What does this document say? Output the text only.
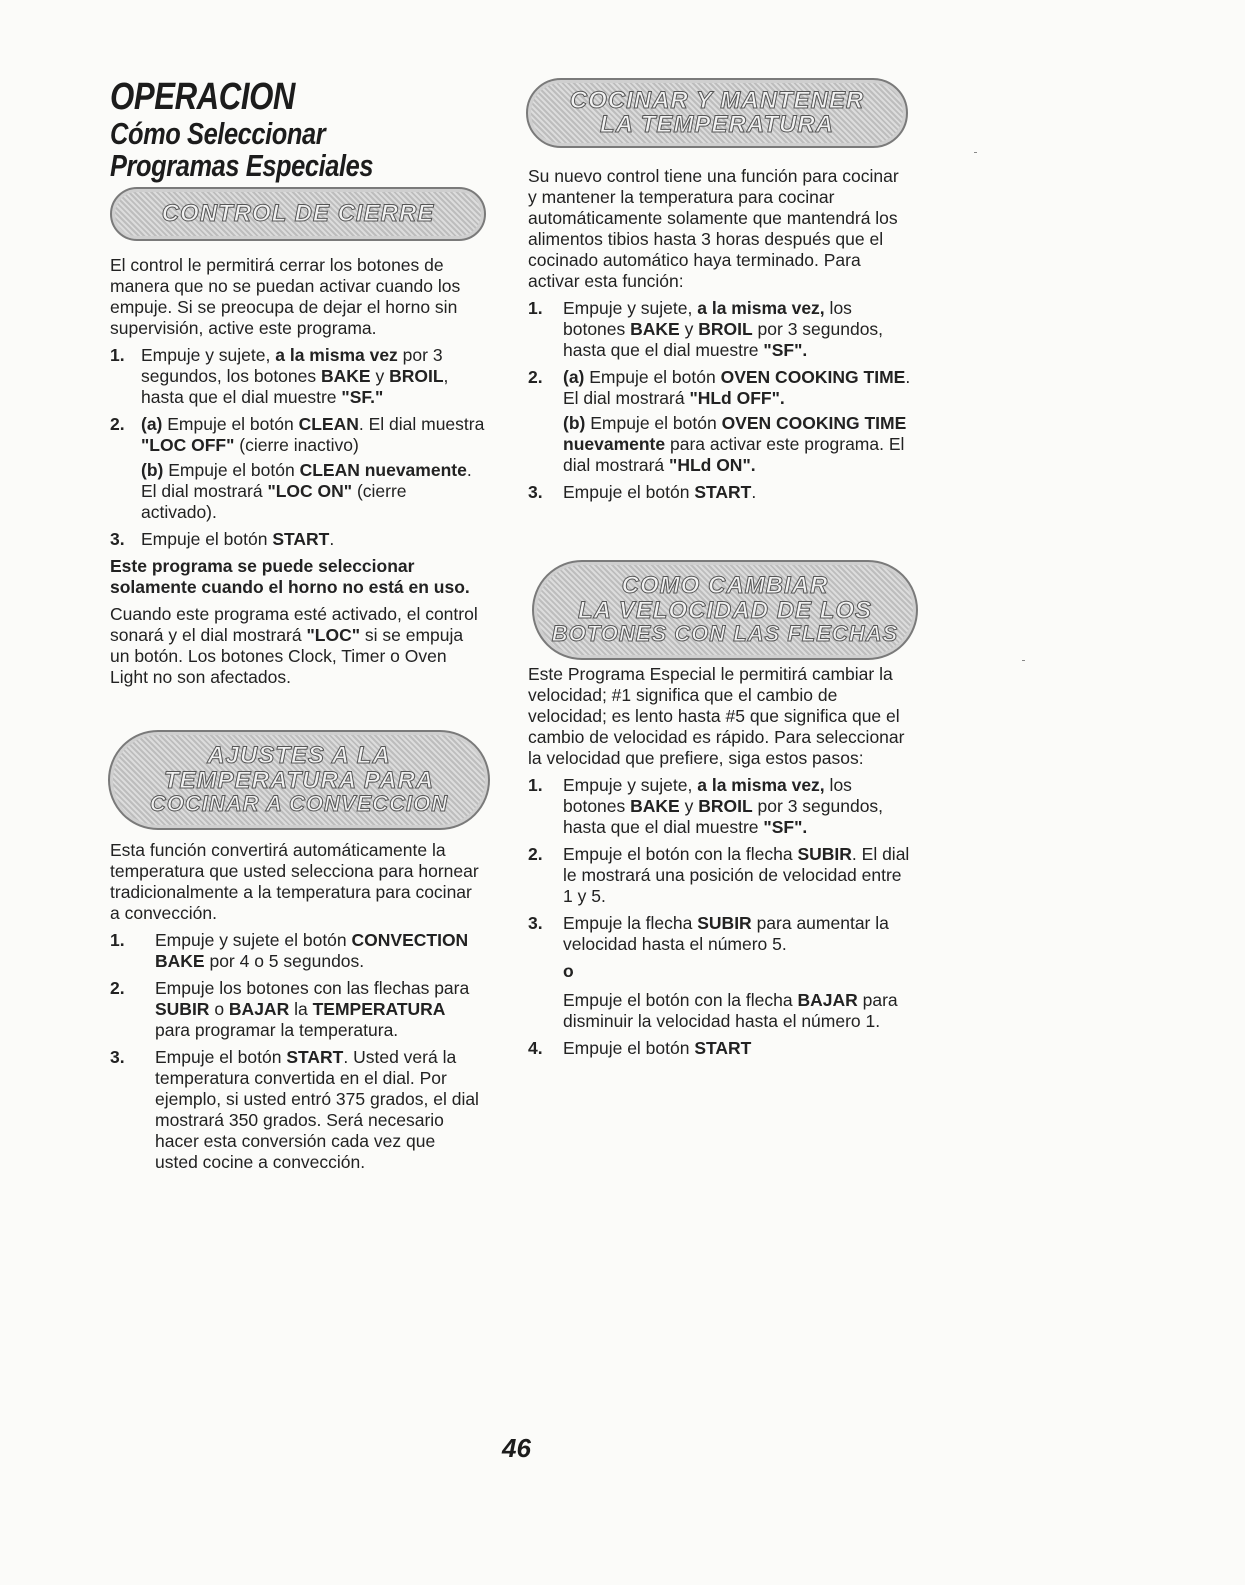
OPERACION

Cómo Seleccionar

Programas Especiales

CONTROL DE CIERRE

El control le permitirá cerrar los botones de manera que no se puedan activar cuando los empuje. Si se preocupa de dejar el horno sin supervisión, active este programa.

1. Empuje y sujete, a la misma vez por 3 segundos, los botones BAKE y BROIL, hasta que el dial muestre "SF."
2. (a) Empuje el botón CLEAN. El dial muestra "LOC OFF" (cierre inactivo)
(b) Empuje el botón CLEAN nuevamente. El dial mostrará "LOC ON" (cierre activado).
3. Empuje el botón START.

Este programa se puede seleccionar solamente cuando el horno no está en uso.

Cuando este programa esté activado, el control sonará y el dial mostrará "LOC" si se empuja un botón. Los botones Clock, Timer o Oven Light no son afectados.

AJUSTES A LA
TEMPERATURA PARA
COCINAR A CONVECCION

Esta función convertirá automáticamente la temperatura que usted selecciona para hornear tradicionalmente a la temperatura para cocinar a convección.

1. Empuje y sujete el botón CONVECTION BAKE por 4 o 5 segundos.
2. Empuje los botones con las flechas para SUBIR o BAJAR la TEMPERATURA para programar la temperatura.
3. Empuje el botón START. Usted verá la temperatura convertida en el dial. Por ejemplo, si usted entró 375 grados, el dial mostrará 350 grados. Será necesario hacer esta conversión cada vez que usted cocine a convección.
COCINAR Y MANTENER
LA TEMPERATURA

Su nuevo control tiene una función para cocinar y mantener la temperatura para cocinar automáticamente solamente que mantendrá los alimentos tibios hasta 3 horas después que el cocinado automático haya terminado. Para activar esta función:

1. Empuje y sujete, a la misma vez, los botones BAKE y BROIL por 3 segundos, hasta que el dial muestre "SF".
2. (a) Empuje el botón OVEN COOKING TIME. El dial mostrará "HLd OFF".
(b) Empuje el botón OVEN COOKING TIME nuevamente para activar este programa. El dial mostrará "HLd ON".
3. Empuje el botón START.
COMO CAMBIAR
LA VELOCIDAD DE LOS
BOTONES CON LAS FLECHAS

Este Programa Especial le permitirá cambiar la velocidad; #1 significa que el cambio de velocidad; es lento hasta #5 que significa que el cambio de velocidad es rápido. Para seleccionar la velocidad que prefiere, siga estos pasos:

1. Empuje y sujete, a la misma vez, los botones BAKE y BROIL por 3 segundos, hasta que el dial muestre "SF".
2. Empuje el botón con la flecha SUBIR. El dial le mostrará una posición de velocidad entre 1 y 5.
3. Empuje la flecha SUBIR para aumentar la velocidad hasta el número 5.
o
Empuje el botón con la flecha BAJAR para disminuir la velocidad hasta el número 1.
4. Empuje el botón START
46
